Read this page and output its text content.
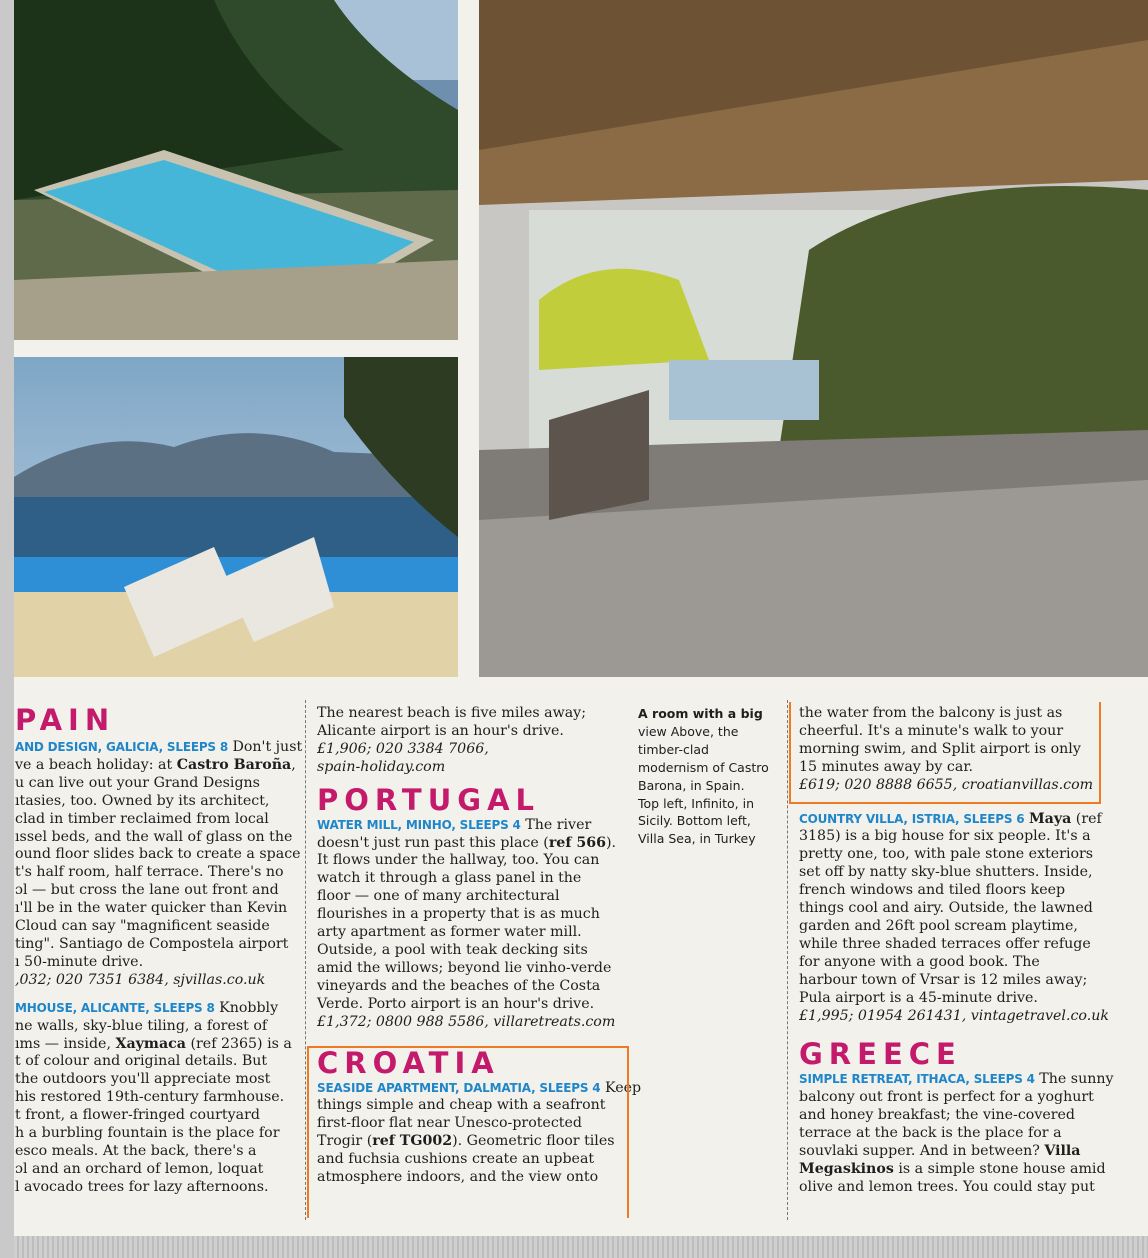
PAIN
AND DESIGN, GALICIA, SLEEPS 8 Don't just
ve a beach holiday: at Castro Baroña,
u can live out your Grand Designs
ıtasies, too. Owned by its architect,
clad in timber reclaimed from local
ıssel beds, and the wall of glass on the
ound floor slides back to create a space
t's half room, half terrace. There's no
ɔl — but cross the lane out front and
ı'll be in the water quicker than Kevin
Cloud can say "magnificent seaside
ting". Santiago de Compostela airport
ı 50-minute drive.
,032; 020 7351 6384, sjvillas.co.uk
MHOUSE, ALICANTE, SLEEPS 8 Knobbly
ne walls, sky-blue tiling, a forest of
ıms — inside, Xaymaca (ref 2365) is a
t of colour and original details. But
the outdoors you'll appreciate most
his restored 19th-century farmhouse.
t front, a flower-fringed courtyard
h a burbling fountain is the place for
esco meals. At the back, there's a
ɔl and an orchard of lemon, loquat
l avocado trees for lazy afternoons.
The nearest beach is five miles away;
Alicante airport is an hour's drive.
£1,906; 020 3384 7066,
spain-holiday.com
PORTUGAL
WATER MILL, MINHO, SLEEPS 4 The river
doesn't just run past this place (ref 566).
It flows under the hallway, too. You can
watch it through a glass panel in the
floor — one of many architectural
flourishes in a property that is as much
arty apartment as former water mill.
Outside, a pool with teak decking sits
amid the willows; beyond lie vinho-verde
vineyards and the beaches of the Costa
Verde. Porto airport is an hour's drive.
£1,372; 0800 988 5586, villaretreats.com
CROATIA
SEASIDE APARTMENT, DALMATIA, SLEEPS 4 Keep
things simple and cheap with a seafront
first-floor flat near Unesco-protected
Trogir (ref TG002). Geometric floor tiles
and fuchsia cushions create an upbeat
atmosphere indoors, and the view onto
A room with a big
view Above, the
timber-clad
modernism of Castro
Barona, in Spain.
Top left, Infinito, in
Sicily. Bottom left,
Villa Sea, in Turkey
the water from the balcony is just as
cheerful. It's a minute's walk to your
morning swim, and Split airport is only
15 minutes away by car.
£619; 020 8888 6655, croatianvillas.com
COUNTRY VILLA, ISTRIA, SLEEPS 6 Maya (ref
3185) is a big house for six people. It's a
pretty one, too, with pale stone exteriors
set off by natty sky-blue shutters. Inside,
french windows and tiled floors keep
things cool and airy. Outside, the lawned
garden and 26ft pool scream playtime,
while three shaded terraces offer refuge
for anyone with a good book. The
harbour town of Vrsar is 12 miles away;
Pula airport is a 45-minute drive.
£1,995; 01954 261431, vintagetravel.co.uk
GREECE
SIMPLE RETREAT, ITHACA, SLEEPS 4 The sunny
balcony out front is perfect for a yoghurt
and honey breakfast; the vine-covered
terrace at the back is the place for a
souvlaki supper. And in between? Villa
Megaskinos is a simple stone house amid
olive and lemon trees. You could stay put
